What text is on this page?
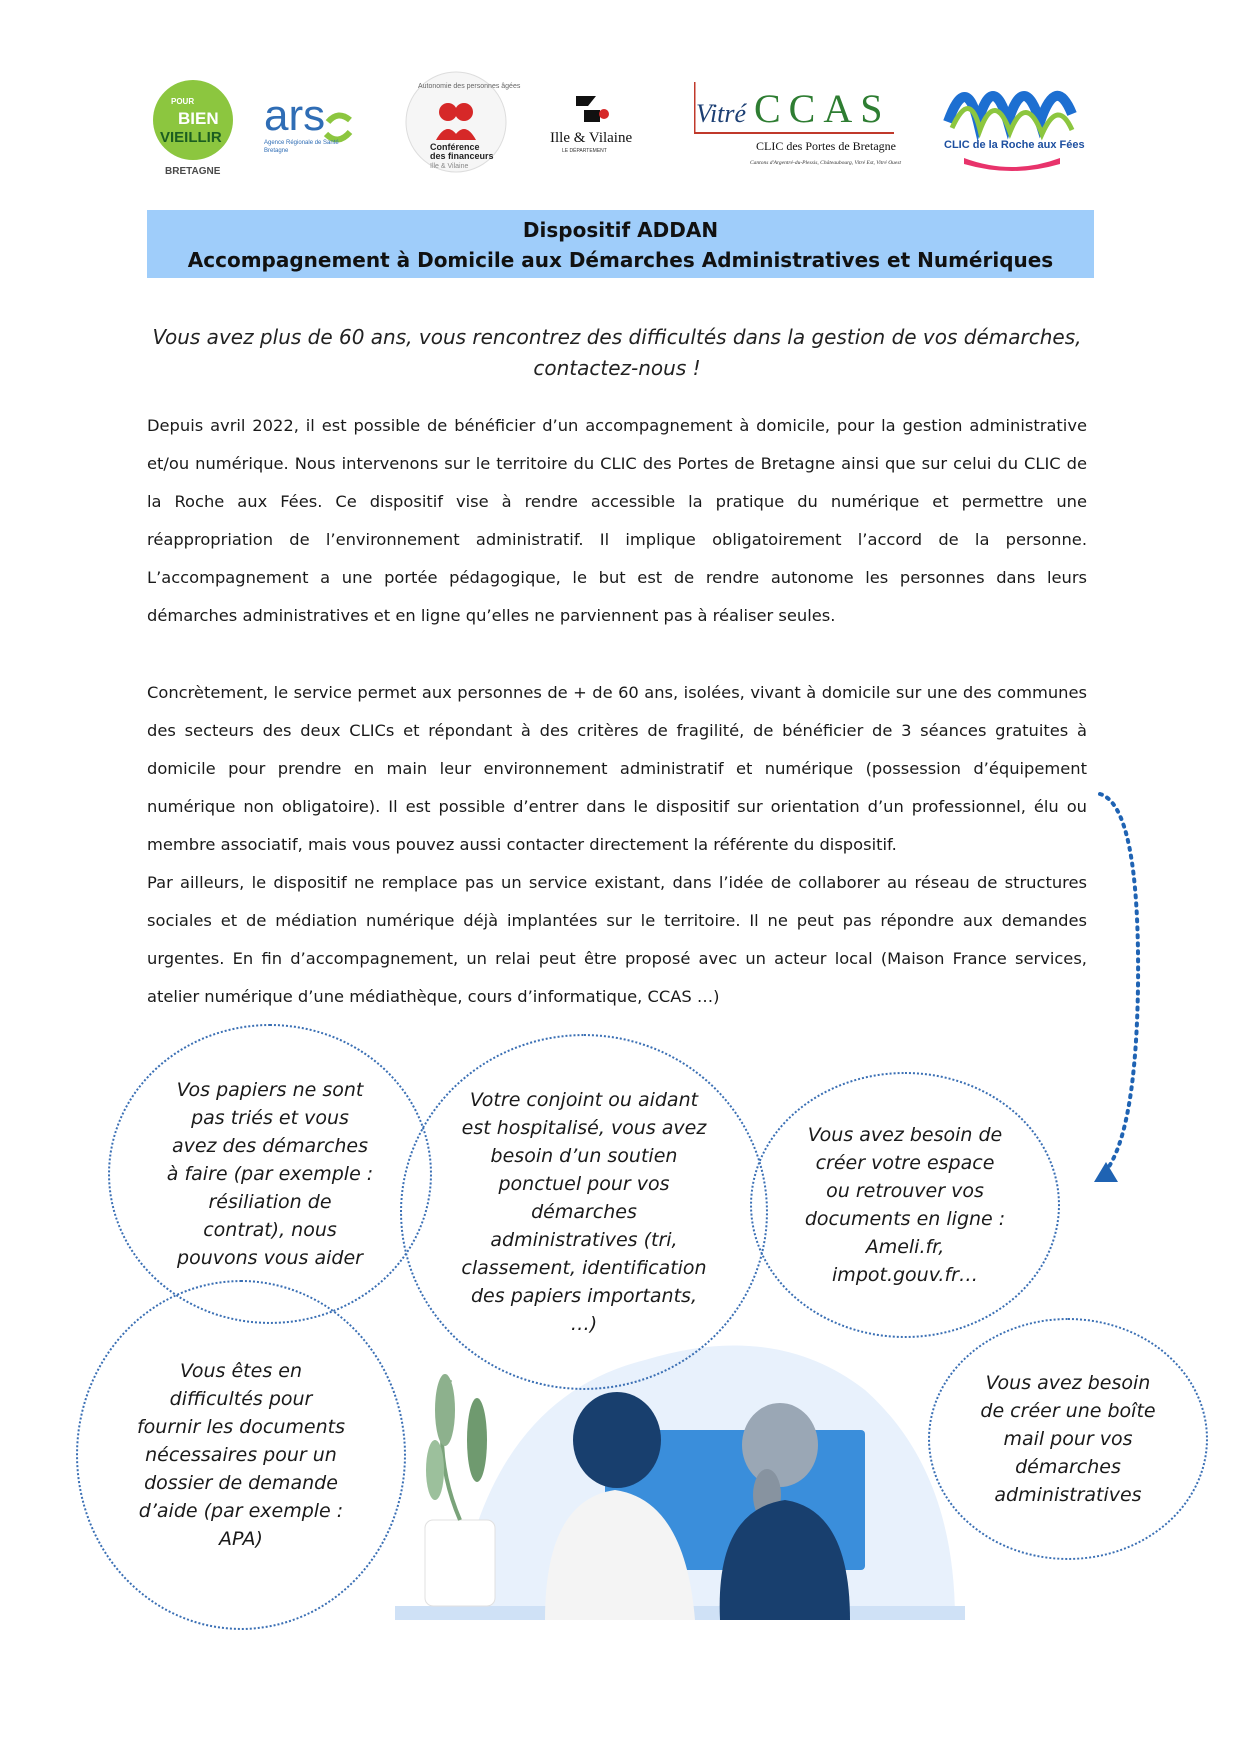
POUR
BIEN
VIEILLIR
BRETAGNE
ars
Agence Régionale de Santé
Bretagne
Autonomie des personnes âgées
Conférence
des financeurs
Ille & Vilaine
Ille & Vilaine
LE DÉPARTEMENT
Vitré CCAS
CLIC des Portes de Bretagne
Cantons d'Argentré-du-Plessis, Châteaubourg, Vitré Est, Vitré Ouest
CLIC de la Roche aux Fées
Dispositif ADDAN
Accompagnement à Domicile aux Démarches Administratives et Numériques
Vous avez plus de 60 ans, vous rencontrez des difficultés dans la gestion de vos démarches, contactez-nous !

Depuis avril 2022, il est possible de bénéficier d’un accompagnement à domicile, pour la gestion administrative et/ou numérique. Nous intervenons sur le territoire du CLIC des Portes de Bretagne ainsi que sur celui du CLIC de la Roche aux Fées. Ce dispositif vise à rendre accessible la pratique du numérique et permettre une réappropriation de l’environnement administratif. Il implique obligatoirement l’accord de la personne. L’accompagnement a une portée pédagogique, le but est de rendre autonome les personnes dans leurs démarches administratives et en ligne qu’elles ne parviennent pas à réaliser seules.

Concrètement, le service permet aux personnes de + de 60 ans, isolées, vivant à domicile sur une des communes des secteurs des deux CLICs et répondant à des critères de fragilité, de bénéficier de 3 séances gratuites à domicile pour prendre en main leur environnement administratif et numérique (possession d’équipement numérique non obligatoire). Il est possible d’entrer dans le dispositif sur orientation d’un professionnel, élu ou membre associatif, mais vous pouvez aussi contacter directement la référente du dispositif.

Par ailleurs, le dispositif ne remplace pas un service existant, dans l’idée de collaborer au réseau de structures sociales et de médiation numérique déjà implantées sur le territoire. Il ne peut pas répondre aux demandes urgentes. En fin d’accompagnement, un relai peut être proposé avec un acteur local (Maison France services, atelier numérique d’une médiathèque, cours d’informatique, CCAS …)

Vos papiers ne sont pas triés et vous avez des démarches à faire (par exemple : résiliation de contrat), nous pouvons vous aider
Votre conjoint ou aidant est hospitalisé, vous avez besoin d’un soutien ponctuel pour vos démarches administratives (tri, classement, identification des papiers importants, …)
Vous avez besoin de créer votre espace ou retrouver vos documents en ligne : Ameli.fr, impot.gouv.fr…
Vous êtes en difficultés pour fournir les documents nécessaires pour un dossier de demande d’aide (par exemple : APA)
Vous avez besoin de créer une boîte mail pour vos démarches administratives
